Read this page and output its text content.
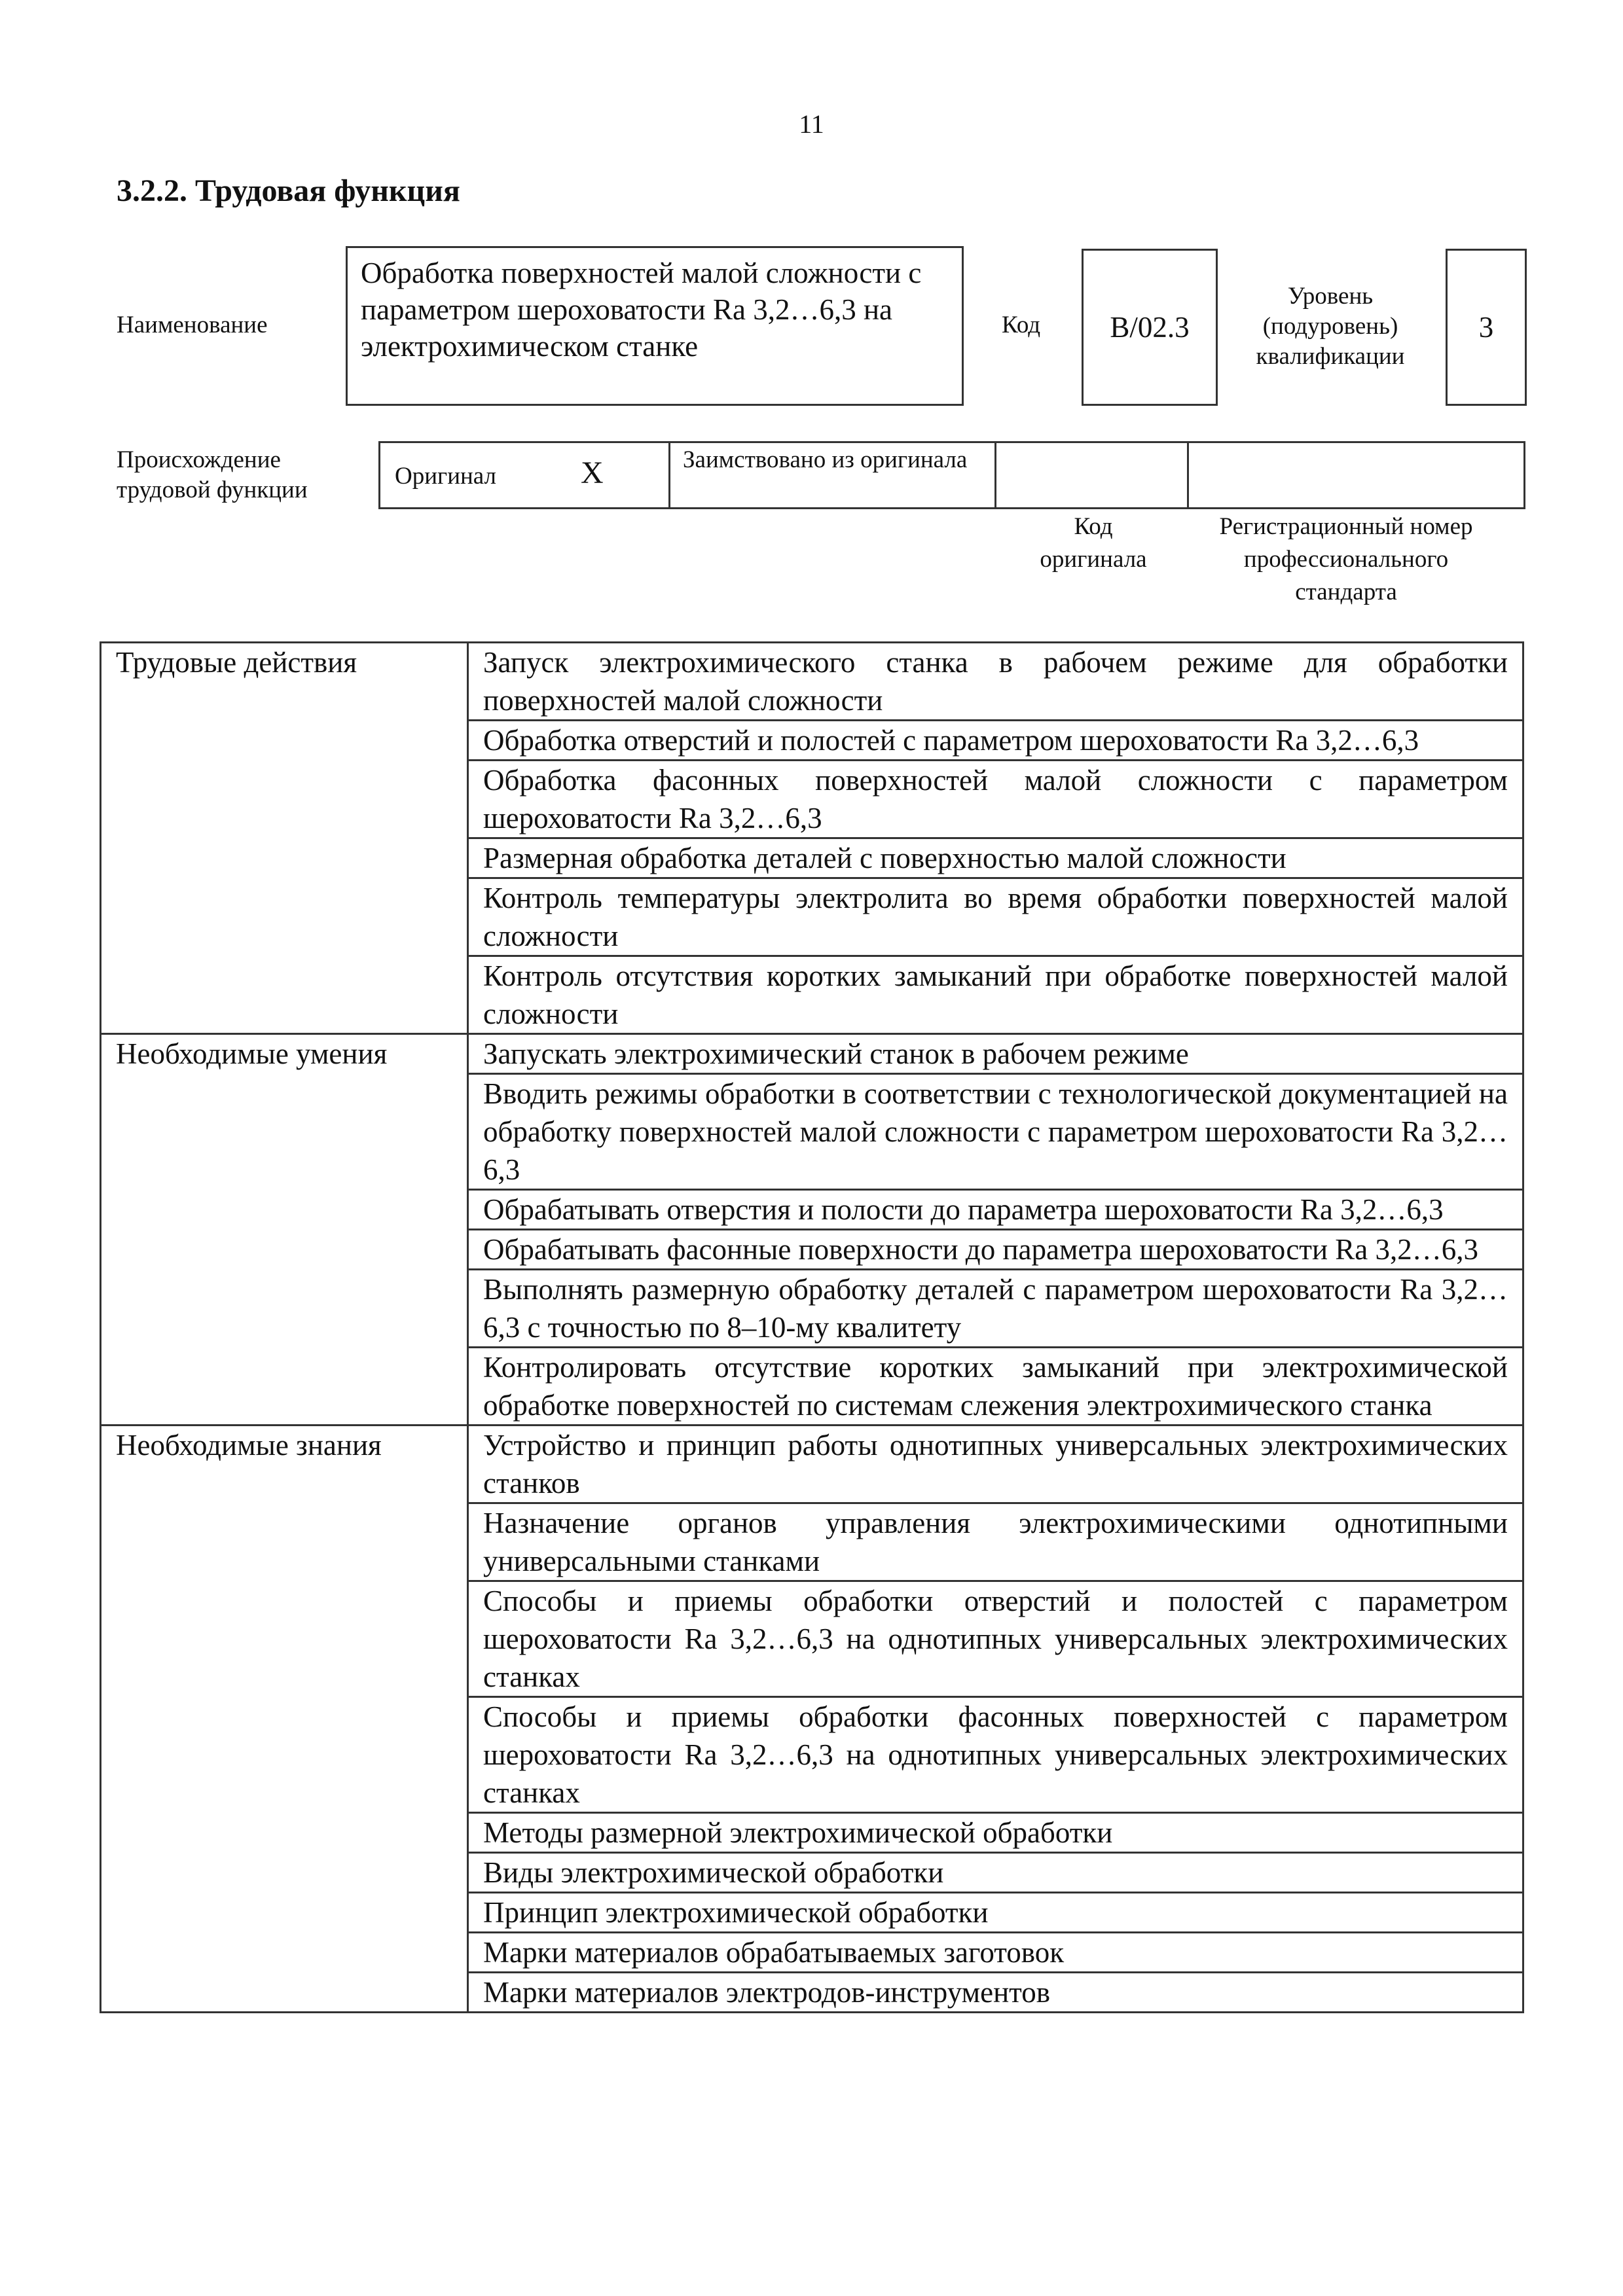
11
3.2.2. Трудовая функция
Наименование
Обработка поверхностей малой сложности с параметром шероховатости Ra 3,2…6,3 на электрохимическом станке
Код B/02.3
Уровень (подуровень) квалификации
3
Происхождение трудовой функции
Оригинал	X	Заимствовано из оригинала
Код оригинала
Регистрационный номер профессионального стандарта
Трудовые действия	Запуск электрохимического станка в рабочем режиме для обработки поверхностей малой сложности
	Обработка отверстий и полостей с параметром шероховатости Ra 3,2…6,3
	Обработка фасонных поверхностей малой сложности с параметром шероховатости Ra 3,2…6,3
	Размерная обработка деталей с поверхностью малой сложности
	Контроль температуры электролита во время обработки поверхностей малой сложности
	Контроль отсутствия коротких замыканий при обработке поверхностей малой сложности
Необходимые умения	Запускать электрохимический станок в рабочем режиме
	Вводить режимы обработки в соответствии с технологической документацией на обработку поверхностей малой сложности с параметром шероховатости Ra 3,2…6,3
	Обрабатывать отверстия и полости до параметра шероховатости Ra 3,2…6,3
	Обрабатывать фасонные поверхности до параметра шероховатости Ra 3,2…6,3
	Выполнять размерную обработку деталей с параметром шероховатости Ra 3,2…6,3 с точностью по 8–10-му квалитету
	Контролировать отсутствие коротких замыканий при электрохимической обработке поверхностей по системам слежения электрохимического станка
Необходимые знания	Устройство и принцип работы однотипных универсальных электрохимических станков
	Назначение органов управления электрохимическими однотипными универсальными станками
	Способы и приемы обработки отверстий и полостей с параметром шероховатости Ra 3,2…6,3 на однотипных универсальных электрохимических станках
	Способы и приемы обработки фасонных поверхностей с параметром шероховатости Ra 3,2…6,3 на однотипных универсальных электрохимических станках
	Методы размерной электрохимической обработки
	Виды электрохимической обработки
	Принцип электрохимической обработки
	Марки материалов обрабатываемых заготовок
	Марки материалов электродов-инструментов
